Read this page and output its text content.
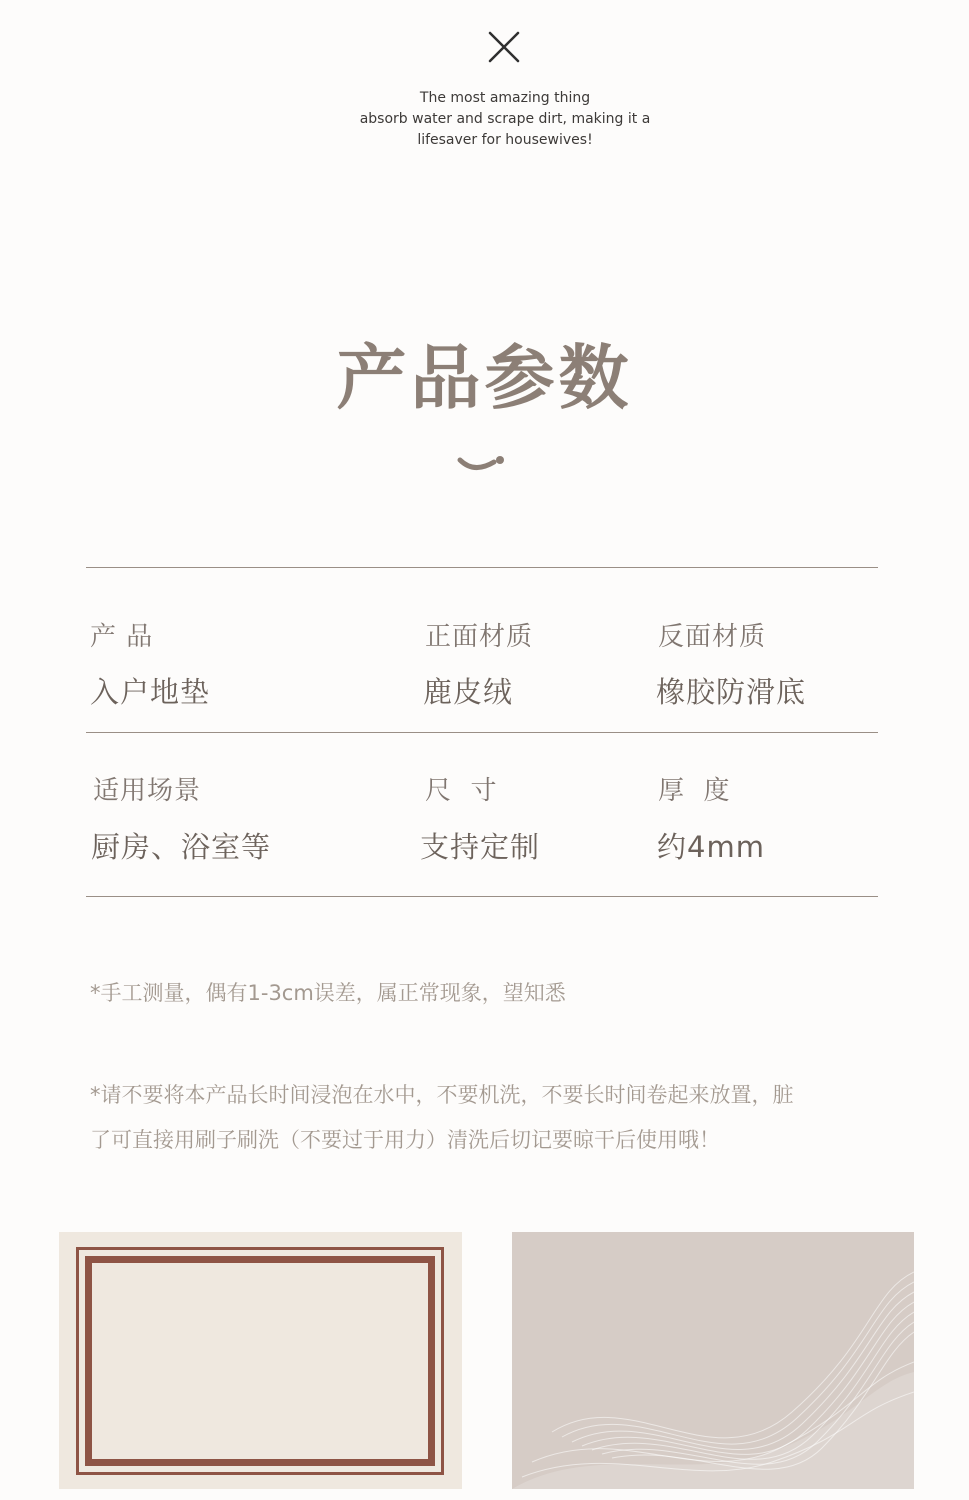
The most amazing thing
absorb water and scrape dirt, making it a
lifesaver for housewives!
产品参数
产 品
入户地垫
正面材质
鹿皮绒
反面材质
橡胶防滑底
适用场景
厨房、浴室等
尺  寸
支持定制
厚  度
约4mm
*手工测量，偶有1-3cm误差，属正常现象，望知悉
*请不要将本产品长时间浸泡在水中，不要机洗，不要长时间卷起来放置，脏
了可直接用刷子刷洗（不要过于用力）清洗后切记要晾干后使用哦！
